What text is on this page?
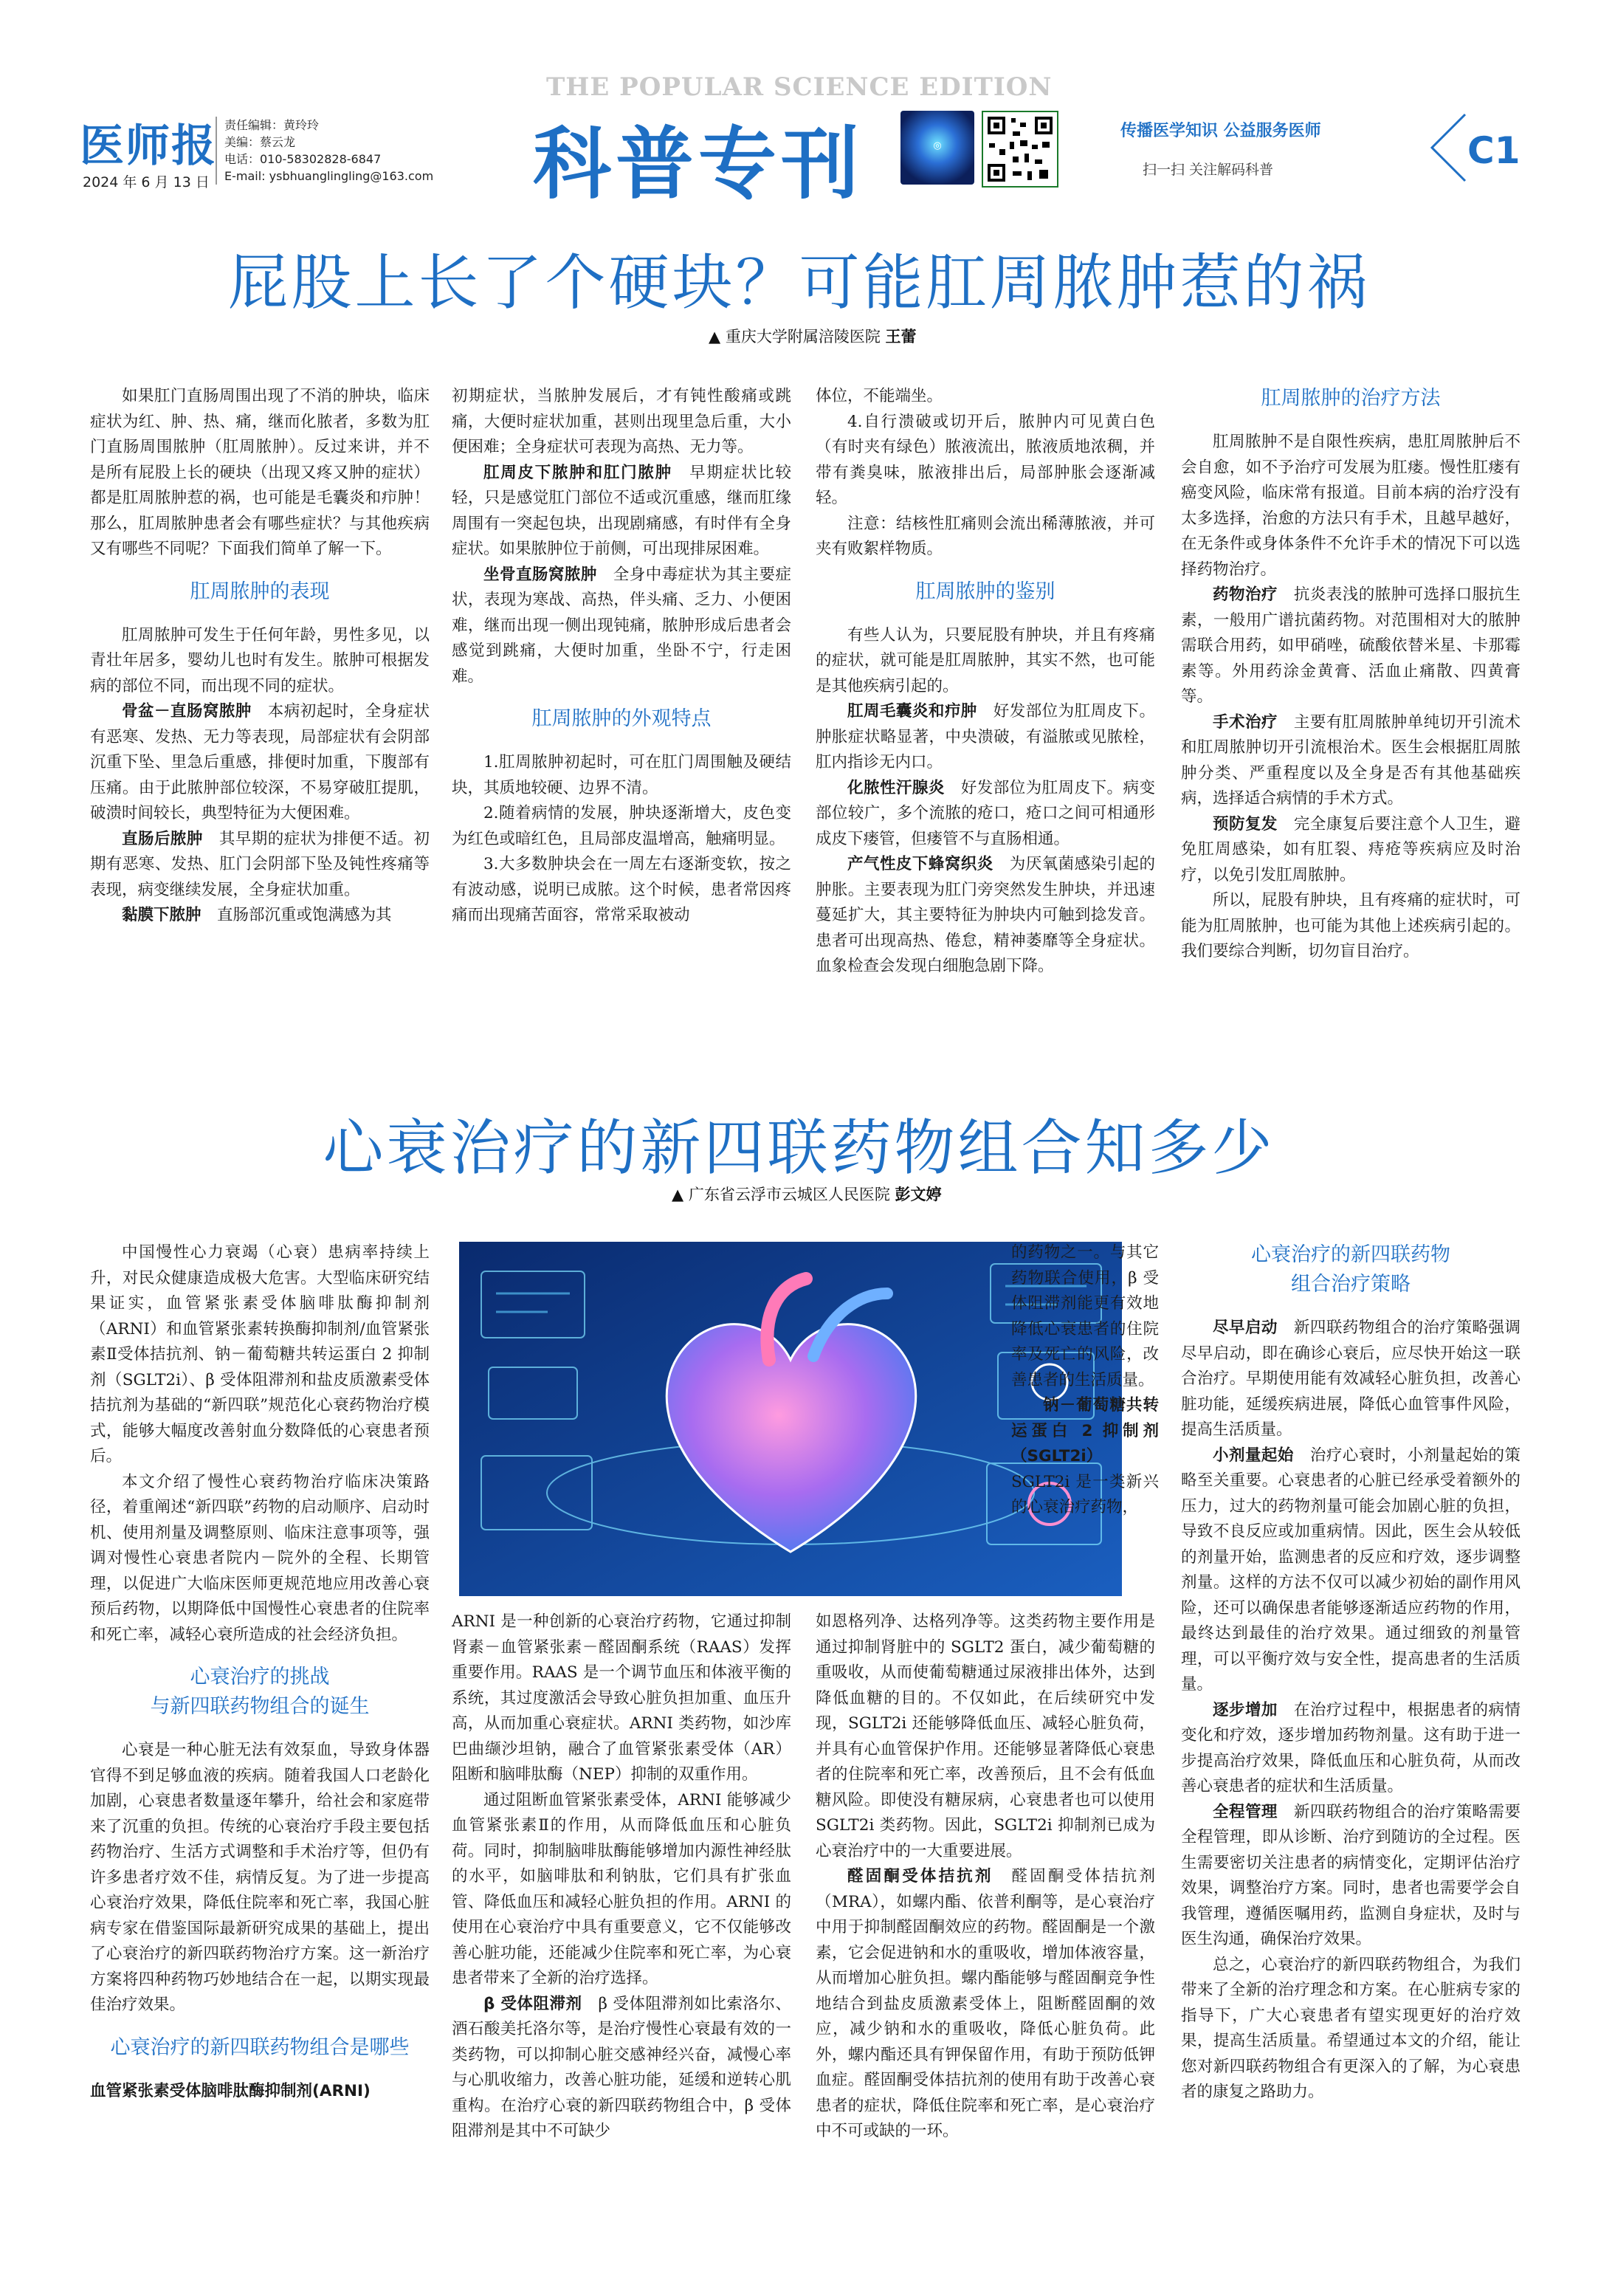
医师报
2024 年 6 月 13 日
责任编辑：黄玲玲
美编：蔡云龙
电话：010-58302828-6847
E-mail: ysbhuanglingling@163.com
THE POPULAR SCIENCE EDITION
科普专刊	◎
传播医学知识 公益服务医师
扫一扫 关注解码科普	C1
屁股上长了个硬块？可能肛周脓肿惹的祸
▲ 重庆大学附属涪陵医院 王蕾

如果肛门直肠周围出现了不消的肿块，临床症状为红、肿、热、痛，继而化脓者，多数为肛门直肠周围脓肿（肛周脓肿）。反过来讲，并不是所有屁股上长的硬块（出现又疼又肿的症状）都是肛周脓肿惹的祸，也可能是毛囊炎和疖肿！那么，肛周脓肿患者会有哪些症状？与其他疾病又有哪些不同呢？下面我们简单了解一下。

肛周脓肿的表现

肛周脓肿可发生于任何年龄，男性多见，以青壮年居多，婴幼儿也时有发生。脓肿可根据发病的部位不同，而出现不同的症状。

骨盆－直肠窝脓肿　 本病初起时，全身症状有恶寒、发热、无力等表现，局部症状有会阴部沉重下坠、里急后重感，排便时加重，下腹部有压痛。由于此脓肿部位较深，不易穿破肛提肌，破溃时间较长，典型特征为大便困难。

直肠后脓肿　 其早期的症状为排便不适。初期有恶寒、发热、肛门会阴部下坠及钝性疼痛等表现，病变继续发展，全身症状加重。

黏膜下脓肿　 直肠部沉重或饱满感为其

初期症状，当脓肿发展后，才有钝性酸痛或跳痛，大便时症状加重，甚则出现里急后重，大小便困难；全身症状可表现为高热、无力等。

肛周皮下脓肿和肛门脓肿　 早期症状比较轻，只是感觉肛门部位不适或沉重感，继而肛缘周围有一突起包块，出现剧痛感，有时伴有全身症状。如果脓肿位于前侧，可出现排尿困难。

坐骨直肠窝脓肿　 全身中毒症状为其主要症状，表现为寒战、高热，伴头痛、乏力、小便困难，继而出现一侧出现钝痛，脓肿形成后患者会感觉到跳痛，大便时加重，坐卧不宁，行走困难。

肛周脓肿的外观特点

1.肛周脓肿初起时，可在肛门周围触及硬结块，其质地较硬、边界不清。

2.随着病情的发展，肿块逐渐增大，皮色变为红色或暗红色，且局部皮温增高，触痛明显。

3.大多数肿块会在一周左右逐渐变软，按之有波动感，说明已成脓。这个时候，患者常因疼痛而出现痛苦面容，常常采取被动

体位，不能端坐。

4.自行溃破或切开后，脓肿内可见黄白色（有时夹有绿色）脓液流出，脓液质地浓稠，并带有粪臭味，脓液排出后，局部肿胀会逐渐减轻。

注意：结核性肛痛则会流出稀薄脓液，并可夹有败絮样物质。

肛周脓肿的鉴别

有些人认为，只要屁股有肿块，并且有疼痛的症状，就可能是肛周脓肿，其实不然，也可能是其他疾病引起的。

肛周毛囊炎和疖肿　 好发部位为肛周皮下。肿胀症状略显著，中央溃破，有溢脓或见脓栓，肛内指诊无内口。

化脓性汗腺炎　 好发部位为肛周皮下。病变部位较广，多个流脓的疮口，疮口之间可相通形成皮下瘘管，但瘘管不与直肠相通。

产气性皮下蜂窝织炎　 为厌氧菌感染引起的肿胀。主要表现为肛门旁突然发生肿块，并迅速蔓延扩大，其主要特征为肿块内可触到捻发音。患者可出现高热、倦怠，精神萎靡等全身症状。血象检查会发现白细胞急剧下降。

肛周脓肿的治疗方法

肛周脓肿不是自限性疾病，患肛周脓肿后不会自愈，如不予治疗可发展为肛瘘。慢性肛瘘有癌变风险，临床常有报道。目前本病的治疗没有太多选择，治愈的方法只有手术，且越早越好，在无条件或身体条件不允许手术的情况下可以选择药物治疗。

药物治疗　 抗炎表浅的脓肿可选择口服抗生素，一般用广谱抗菌药物。对范围相对大的脓肿需联合用药，如甲硝唑，硫酸依替米星、卡那霉素等。外用药涂金黄膏、活血止痛散、四黄膏等。

手术治疗　 主要有肛周脓肿单纯切开引流术和肛周脓肿切开引流根治术。医生会根据肛周脓肿分类、严重程度以及全身是否有其他基础疾病，选择适合病情的手术方式。

预防复发　 完全康复后要注意个人卫生，避免肛周感染，如有肛裂、痔疮等疾病应及时治疗，以免引发肛周脓肿。

所以，屁股有肿块，且有疼痛的症状时，可能为肛周脓肿，也可能为其他上述疾病引起的。我们要综合判断，切勿盲目治疗。

心衰治疗的新四联药物组合知多少
▲ 广东省云浮市云城区人民医院 彭文婷

中国慢性心力衰竭（心衰）患病率持续上升，对民众健康造成极大危害。大型临床研究结果证实，血管紧张素受体脑啡肽酶抑制剂（ARNI）和血管紧张素转换酶抑制剂/血管紧张素Ⅱ受体拮抗剂、钠－葡萄糖共转运蛋白 2 抑制剂（SGLT2i）、β 受体阻滞剂和盐皮质激素受体拮抗剂为基础的“新四联”规范化心衰药物治疗模式，能够大幅度改善射血分数降低的心衰患者预后。

本文介绍了慢性心衰药物治疗临床决策路径，着重阐述“新四联”药物的启动顺序、启动时机、使用剂量及调整原则、临床注意事项等，强调对慢性心衰患者院内－院外的全程、长期管理，以促进广大临床医师更规范地应用改善心衰预后药物，以期降低中国慢性心衰患者的住院率和死亡率，减轻心衰所造成的社会经济负担。

心衰治疗的挑战
与新四联药物组合的诞生

心衰是一种心脏无法有效泵血，导致身体器官得不到足够血液的疾病。随着我国人口老龄化加剧，心衰患者数量逐年攀升，给社会和家庭带来了沉重的负担。传统的心衰治疗手段主要包括药物治疗、生活方式调整和手术治疗等，但仍有许多患者疗效不佳，病情反复。为了进一步提高心衰治疗效果，降低住院率和死亡率，我国心脏病专家在借鉴国际最新研究成果的基础上，提出了心衰治疗的新四联药物治疗方案。这一新治疗方案将四种药物巧妙地结合在一起，以期实现最佳治疗效果。

心衰治疗的新四联药物组合是哪些

血管紧张素受体脑啡肽酶抑制剂(ARNI)

的药物之一。与其它药物联合使用，β 受体阻滞剂能更有效地降低心衰患者的住院率及死亡的风险，改善患者的生活质量。

钠－葡萄糖共转运蛋白 2 抑制剂（SGLT2i）

SGLT2i 是一类新兴的心衰治疗药物，

ARNI 是一种创新的心衰治疗药物，它通过抑制肾素－血管紧张素－醛固酮系统（RAAS）发挥重要作用。RAAS 是一个调节血压和体液平衡的系统，其过度激活会导致心脏负担加重、血压升高，从而加重心衰症状。ARNI 类药物，如沙库巴曲缬沙坦钠，融合了血管紧张素受体（AR）阻断和脑啡肽酶（NEP）抑制的双重作用。

通过阻断血管紧张素受体，ARNI 能够减少血管紧张素Ⅱ的作用，从而降低血压和心脏负荷。同时，抑制脑啡肽酶能够增加内源性神经肽的水平，如脑啡肽和利钠肽，它们具有扩张血管、降低血压和减轻心脏负担的作用。ARNI 的使用在心衰治疗中具有重要意义，它不仅能够改善心脏功能，还能减少住院率和死亡率，为心衰患者带来了全新的治疗选择。

β 受体阻滞剂　 β 受体阻滞剂如比索洛尔、酒石酸美托洛尔等，是治疗慢性心衰最有效的一类药物，可以抑制心脏交感神经兴奋，减慢心率与心肌收缩力，改善心脏功能，延缓和逆转心肌重构。在治疗心衰的新四联药物组合中，β 受体阻滞剂是其中不可缺少

如恩格列净、达格列净等。这类药物主要作用是通过抑制肾脏中的 SGLT2 蛋白，减少葡萄糖的重吸收，从而使葡萄糖通过尿液排出体外，达到降低血糖的目的。不仅如此，在后续研究中发现，SGLT2i 还能够降低血压、减轻心脏负荷，并具有心血管保护作用。还能够显著降低心衰患者的住院率和死亡率，改善预后，且不会有低血糖风险。即使没有糖尿病，心衰患者也可以使用 SGLT2i 类药物。因此，SGLT2i 抑制剂已成为心衰治疗中的一大重要进展。

醛固酮受体拮抗剂　 醛固酮受体拮抗剂（MRA），如螺内酯、依普利酮等，是心衰治疗中用于抑制醛固酮效应的药物。醛固酮是一个激素，它会促进钠和水的重吸收，增加体液容量，从而增加心脏负担。螺内酯能够与醛固酮竞争性地结合到盐皮质激素受体上，阻断醛固酮的效应，减少钠和水的重吸收，降低心脏负荷。此外，螺内酯还具有钾保留作用，有助于预防低钾血症。醛固酮受体拮抗剂的使用有助于改善心衰患者的症状，降低住院率和死亡率，是心衰治疗中不可或缺的一环。

心衰治疗的新四联药物
组合治疗策略

尽早启动　 新四联药物组合的治疗策略强调尽早启动，即在确诊心衰后，应尽快开始这一联合治疗。早期使用能有效减轻心脏负担，改善心脏功能，延缓疾病进展，降低心血管事件风险，提高生活质量。

小剂量起始　 治疗心衰时，小剂量起始的策略至关重要。心衰患者的心脏已经承受着额外的压力，过大的药物剂量可能会加剧心脏的负担，导致不良反应或加重病情。因此，医生会从较低的剂量开始，监测患者的反应和疗效，逐步调整剂量。这样的方法不仅可以减少初始的副作用风险，还可以确保患者能够逐渐适应药物的作用，最终达到最佳的治疗效果。通过细致的剂量管理，可以平衡疗效与安全性，提高患者的生活质量。

逐步增加　 在治疗过程中，根据患者的病情变化和疗效，逐步增加药物剂量。这有助于进一步提高治疗效果，降低血压和心脏负荷，从而改善心衰患者的症状和生活质量。

全程管理　 新四联药物组合的治疗策略需要全程管理，即从诊断、治疗到随访的全过程。医生需要密切关注患者的病情变化，定期评估治疗效果，调整治疗方案。同时，患者也需要学会自我管理，遵循医嘱用药，监测自身症状，及时与医生沟通，确保治疗效果。

总之，心衰治疗的新四联药物组合，为我们带来了全新的治疗理念和方案。在心脏病专家的指导下，广大心衰患者有望实现更好的治疗效果，提高生活质量。希望通过本文的介绍，能让您对新四联药物组合有更深入的了解，为心衰患者的康复之路助力。
